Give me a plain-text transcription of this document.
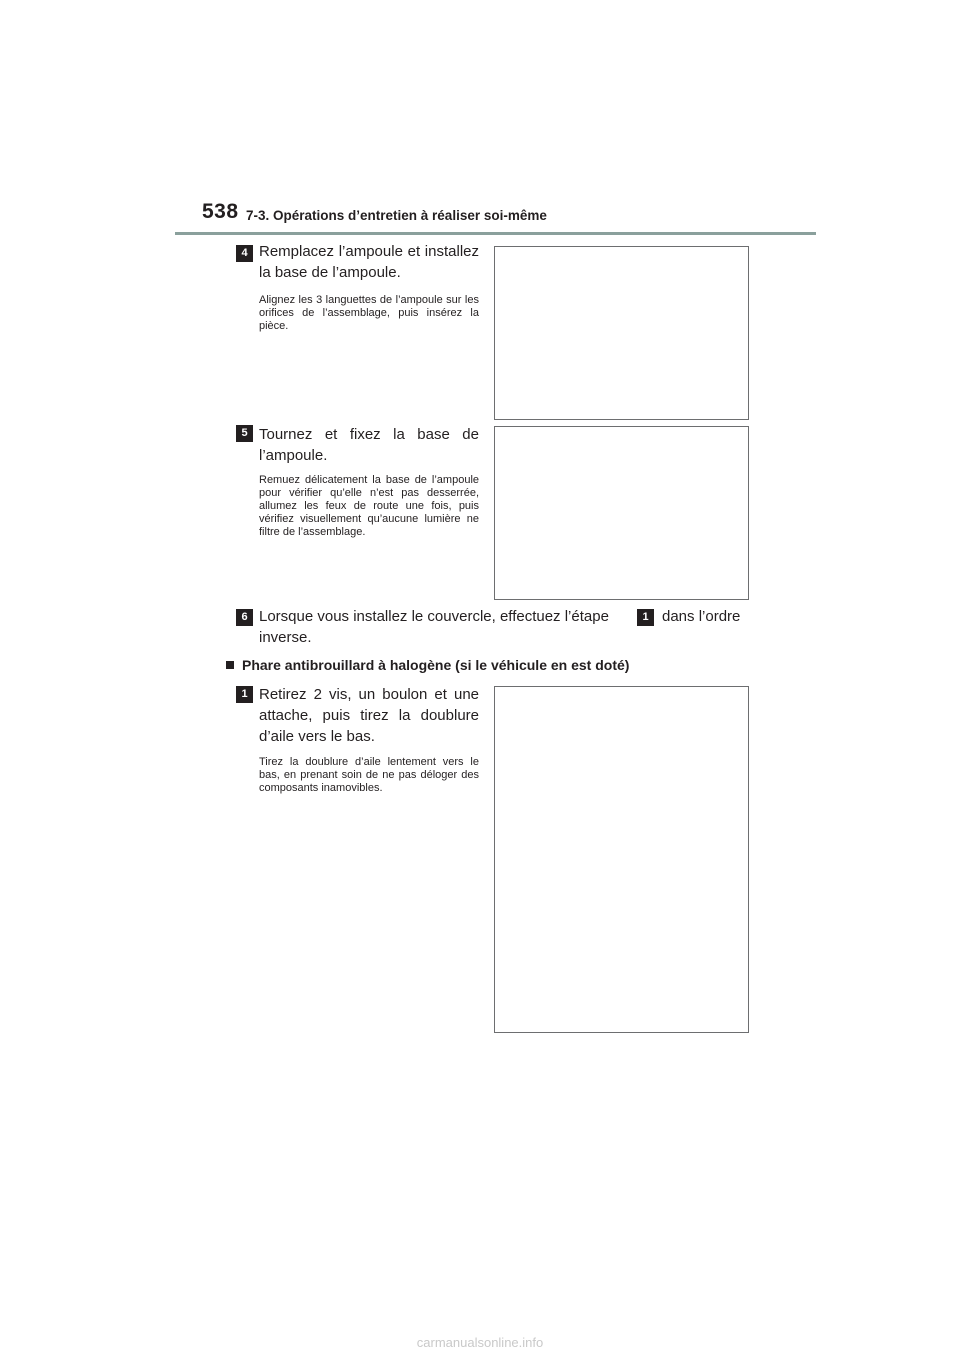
538 7-3. Opérations d’entretien à réaliser soi-même
4 Remplacez l’ampoule et installez la base de l’ampoule.
Alignez les 3 languettes de l’ampoule sur les orifices de l’assemblage, puis insérez la pièce.
5 Tournez et fixez la base de l’ampoule.
Remuez délicatement la base de l’ampoule pour vérifier qu’elle n’est pas desserrée, allumez les feux de route une fois, puis vérifiez visuellement qu’aucune lumière ne filtre de l’assemblage.
6 Lorsque vous installez le couvercle, effectuez l’étape	1 dans l’ordre
inverse.
Phare antibrouillard à halogène (si le véhicule en est doté)
1 Retirez 2 vis, un boulon et une attache, puis tirez la doublure d’aile vers le bas.
Tirez la doublure d’aile lentement vers le bas, en prenant soin de ne pas déloger des composants inamovibles.
carmanualsonline.info
